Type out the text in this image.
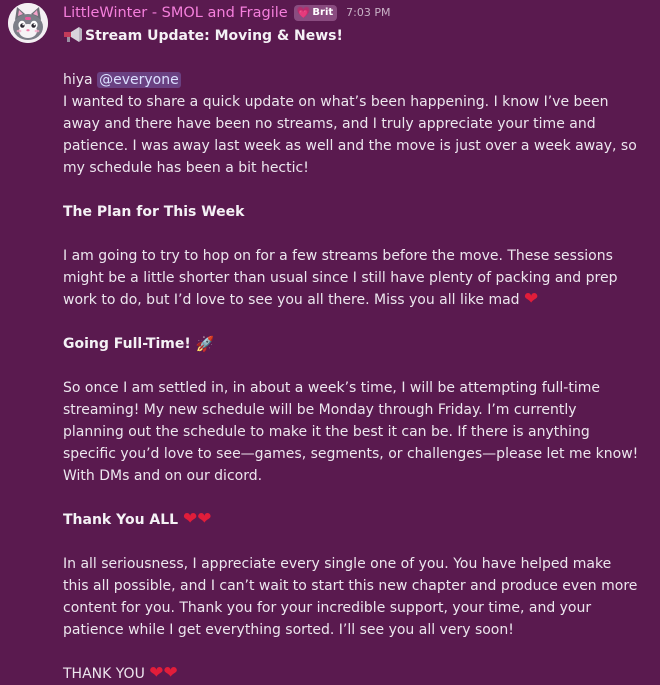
LittleWinter - SMOL and Fragile 💗 Brit 7:03 PM

Stream Update: Moving & News!

hiya @everyone

I wanted to share a quick update on what’s been happening. I know I’ve been away and there have been no streams, and I truly appreciate your time and patience. I was away last week as well and the move is just over a week away, so my schedule has been a bit hectic!

The Plan for This Week

I am going to try to hop on for a few streams before the move. These sessions might be a little shorter than usual since I still have plenty of packing and prep work to do, but I’d love to see you all there. Miss you all like mad ❤

Going Full-Time! 🚀

So once I am settled in, in about a week’s time, I will be attempting full-time streaming! My new schedule will be Monday through Friday. I’m currently planning out the schedule to make it the best it can be. If there is anything specific you’d love to see—games, segments, or challenges—please let me know! With DMs and on our dicord.

Thank You ALL ❤❤

In all seriousness, I appreciate every single one of you. You have helped make this all possible, and I can’t wait to start this new chapter and produce even more content for you. Thank you for your incredible support, your time, and your patience while I get everything sorted. I’ll see you all very soon!

THANK YOU ❤❤
